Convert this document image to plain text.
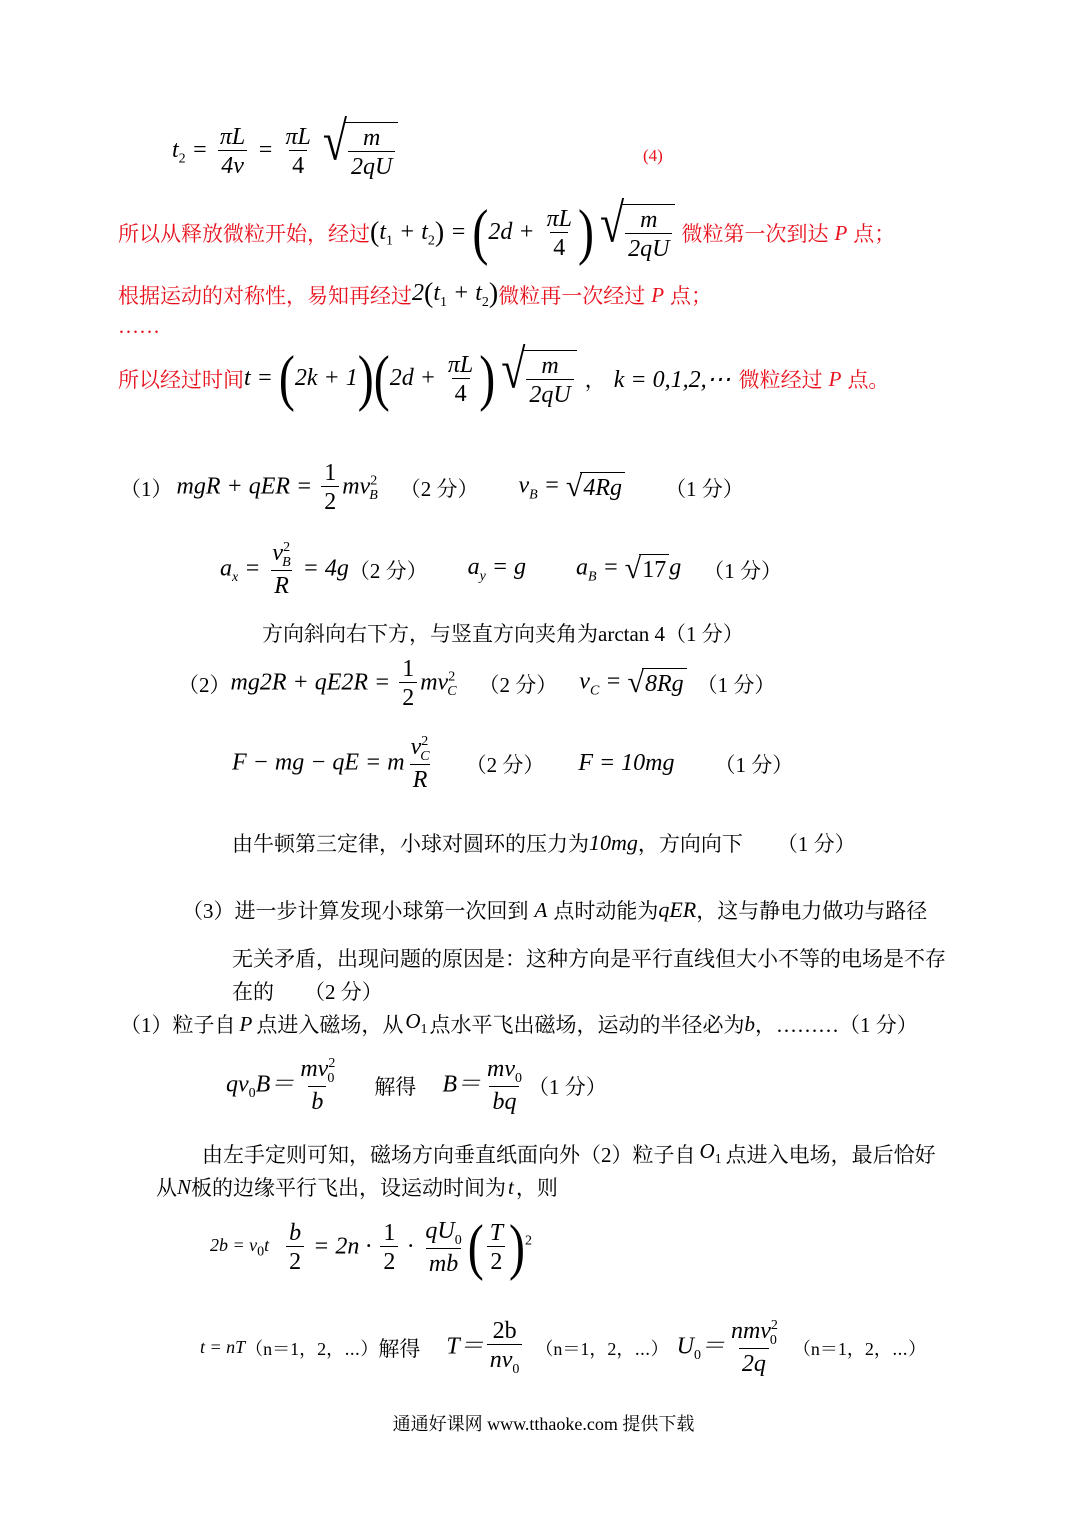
$t_2 = \frac{\pi L}{4v} = \frac{\pi L}{4}$
√ $\frac{m}{2qU}$	(4)
所以从释放微粒开始，经过 $(t_1 + t_2) = (2d + \frac{\pi L}{4}$ ) √ $\frac{m}{2qU}$ 微粒第一次到达 P 点；
根据运动的对称性，易知再经过 $2(t_1 + t_2)$ 微粒再一次经过 P 点；
……
所以经过时间 $t = (2k + 1)(2d + \frac{\pi L}{4}$ ) √ $\frac{m}{2qU}$ ， k = 0,1,2,⋯ 微粒经过 P 点。
（1） mgR + qER = $\frac{1}{2} mv^2_B$ （2 分） $v_B$ = √ 4Rg （1 分）
$a_x = \frac{v^2_B}{R} = 4g$ （2 分） $a_y = g$ $a_B$ = √ 17 g （1 分）
方向斜向右下方，与竖直方向夹角为arctan 4（1 分）
（2） $mg2R + qE2R = \frac{1}{2} mv^2_C$ （2 分） $v_C$ = √ 8Rg （1 分）
F − mg − qE = m $\frac{v^2_C}{R} (2$ 分） F = 10mg （1 分）
由牛顿第三定律，小球对圆环的压力为 10mg ，方向向下 （1 分）
（3） 进一步计算发现小球第一次回到 A 点时动能为 qER ，这与静电力做功与路径
无关矛盾，出现问题的原因是：这种方向是平行直线但大小不等的电场是不存
在的 （2 分）
（1）粒子自 P 点进入磁场，从 $O_1$ 点水平飞出磁场，运动的半径必为 b ，………（1 分）
$qv_0B= \frac{mv^2_0}{b}$ 解得 $B= \frac{mv_0}{bq} (1$ 分）
由左手定则可知，磁场方向垂直纸面向外（2）粒子自 $O_1$ 点进入电场，最后恰好
从 N 板的边缘平行飞出，设运动时间为 t ，则
$2b = v_0t \frac{b}{2} = 2n \cdot \frac{1}{2} \cdot \frac{qU_0}{mb}$ ( $\frac{T}{2} )^2$
t = nT （n＝1，2，⋯） 解得 $T= \frac{2b}{nv_0} (n=1$，2，⋯） $U_0= \frac{nmv^2_0}{2q} (n=1$，2，⋯）
通通好课网 www.tthaoke.com 提供下载
